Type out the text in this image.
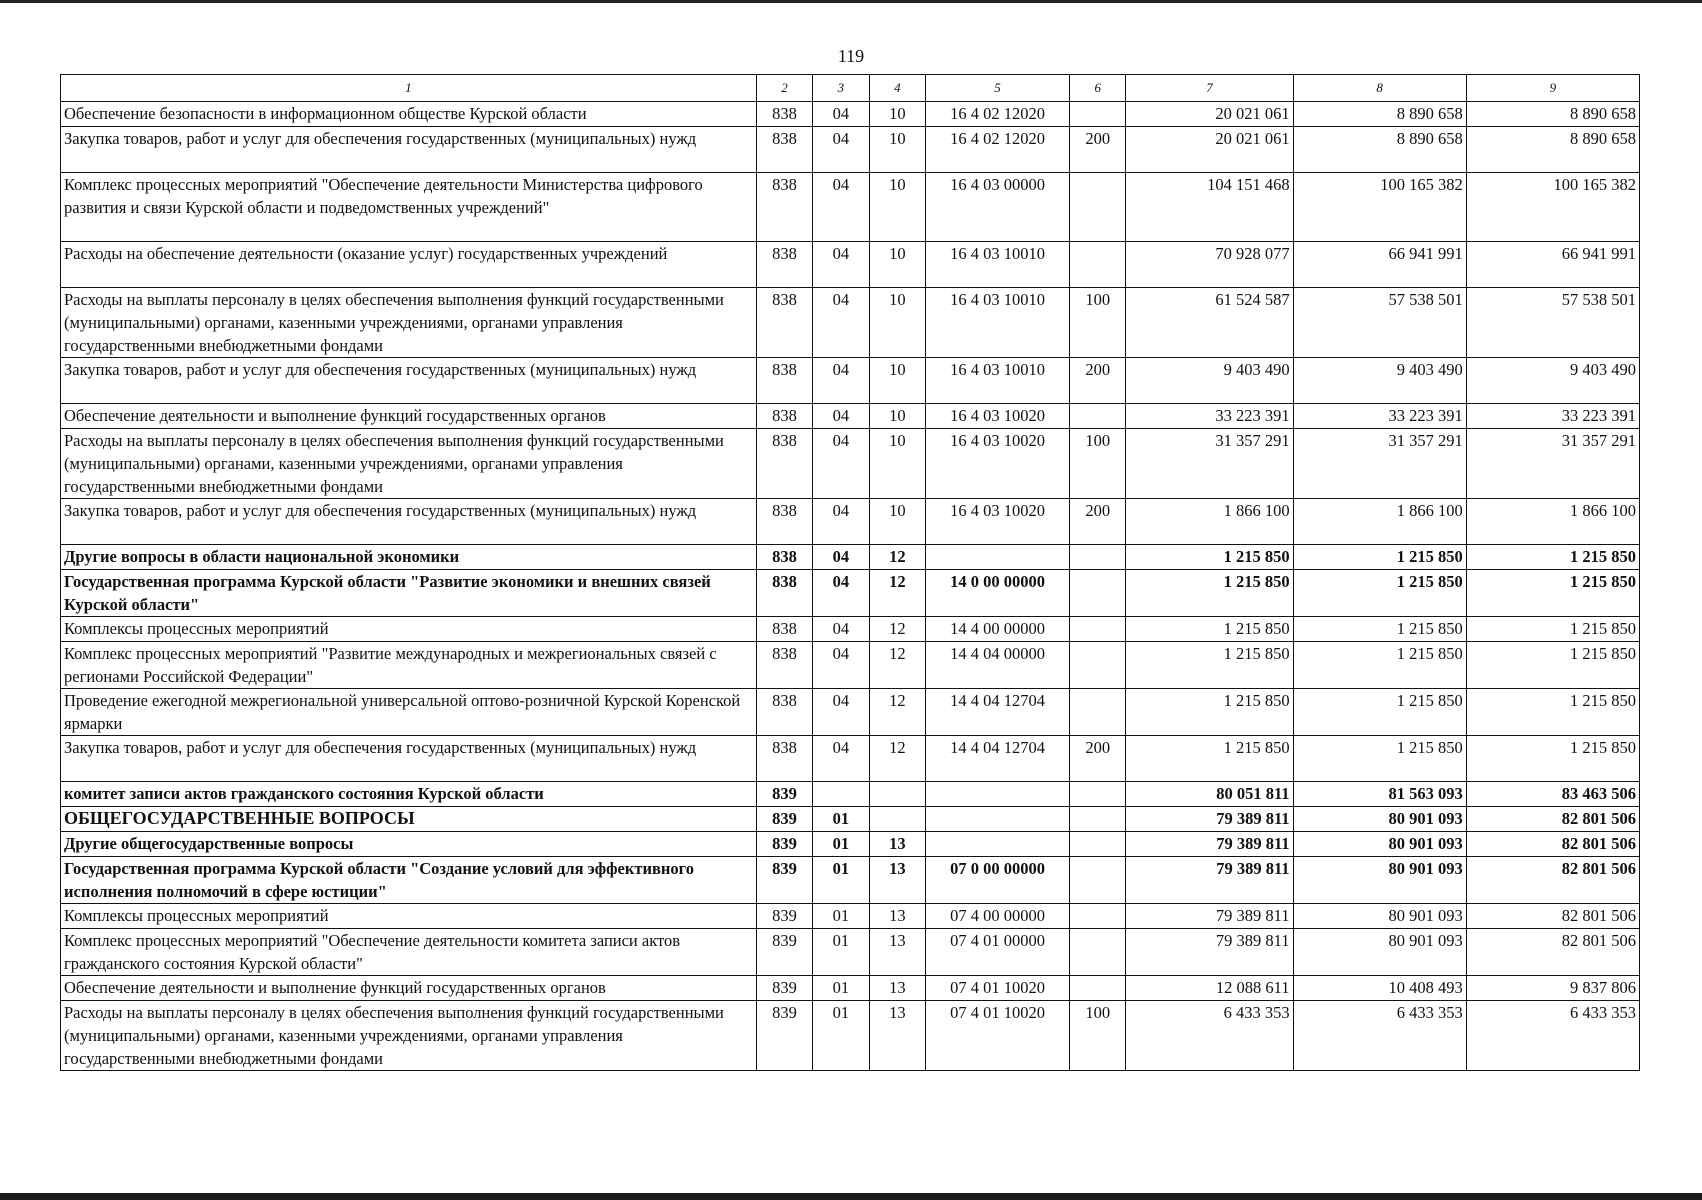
119
1	2	3	4	5	6	7	8	9
Обеспечение безопасности в информационном обществе Курской области	838	04	10	16 4 02 12020		20 021 061	8 890 658	8 890 658
Закупка товаров, работ и услуг для обеспечения государственных (муниципальных) нужд	838	04	10	16 4 02 12020	200	20 021 061	8 890 658	8 890 658
Комплекс процессных мероприятий "Обеспечение деятельности Министерства цифрового развития и связи Курской области и подведомственных учреждений"	838	04	10	16 4 03 00000		104 151 468	100 165 382	100 165 382
Расходы на обеспечение деятельности (оказание услуг) государственных учреждений	838	04	10	16 4 03 10010		70 928 077	66 941 991	66 941 991
Расходы на выплаты персоналу в целях обеспечения выполнения функций государственными (муниципальными) органами, казенными учреждениями, органами управления государственными внебюджетными фондами	838	04	10	16 4 03 10010	100	61 524 587	57 538 501	57 538 501
Закупка товаров, работ и услуг для обеспечения государственных (муниципальных) нужд	838	04	10	16 4 03 10010	200	9 403 490	9 403 490	9 403 490
Обеспечение деятельности и выполнение функций государственных органов	838	04	10	16 4 03 10020		33 223 391	33 223 391	33 223 391
Расходы на выплаты персоналу в целях обеспечения выполнения функций государственными (муниципальными) органами, казенными учреждениями, органами управления государственными внебюджетными фондами	838	04	10	16 4 03 10020	100	31 357 291	31 357 291	31 357 291
Закупка товаров, работ и услуг для обеспечения государственных (муниципальных) нужд	838	04	10	16 4 03 10020	200	1 866 100	1 866 100	1 866 100
Другие вопросы в области национальной экономики	838	04	12			1 215 850	1 215 850	1 215 850
Государственная программа Курской области "Развитие экономики и внешних связей Курской области"	838	04	12	14 0 00 00000		1 215 850	1 215 850	1 215 850
Комплексы процессных мероприятий	838	04	12	14 4 00 00000		1 215 850	1 215 850	1 215 850
Комплекс процессных мероприятий "Развитие международных и межрегиональных связей с регионами Российской Федерации"	838	04	12	14 4 04 00000		1 215 850	1 215 850	1 215 850
Проведение ежегодной межрегиональной универсальной оптово-розничной Курской Коренской ярмарки	838	04	12	14 4 04 12704		1 215 850	1 215 850	1 215 850
Закупка товаров, работ и услуг для обеспечения государственных (муниципальных) нужд	838	04	12	14 4 04 12704	200	1 215 850	1 215 850	1 215 850
комитет записи актов гражданского состояния Курской области	839					80 051 811	81 563 093	83 463 506
ОБЩЕГОСУДАРСТВЕННЫЕ ВОПРОСЫ	839	01				79 389 811	80 901 093	82 801 506
Другие общегосударственные вопросы	839	01	13			79 389 811	80 901 093	82 801 506
Государственная программа Курской области "Создание условий для эффективного исполнения полномочий в сфере юстиции"	839	01	13	07 0 00 00000		79 389 811	80 901 093	82 801 506
Комплексы процессных мероприятий	839	01	13	07 4 00 00000		79 389 811	80 901 093	82 801 506
Комплекс процессных мероприятий "Обеспечение деятельности комитета записи актов гражданского состояния Курской области"	839	01	13	07 4 01 00000		79 389 811	80 901 093	82 801 506
Обеспечение деятельности и выполнение функций государственных органов	839	01	13	07 4 01 10020		12 088 611	10 408 493	9 837 806
Расходы на выплаты персоналу в целях обеспечения выполнения функций государственными (муниципальными) органами, казенными учреждениями, органами управления государственными внебюджетными фондами	839	01	13	07 4 01 10020	100	6 433 353	6 433 353	6 433 353
